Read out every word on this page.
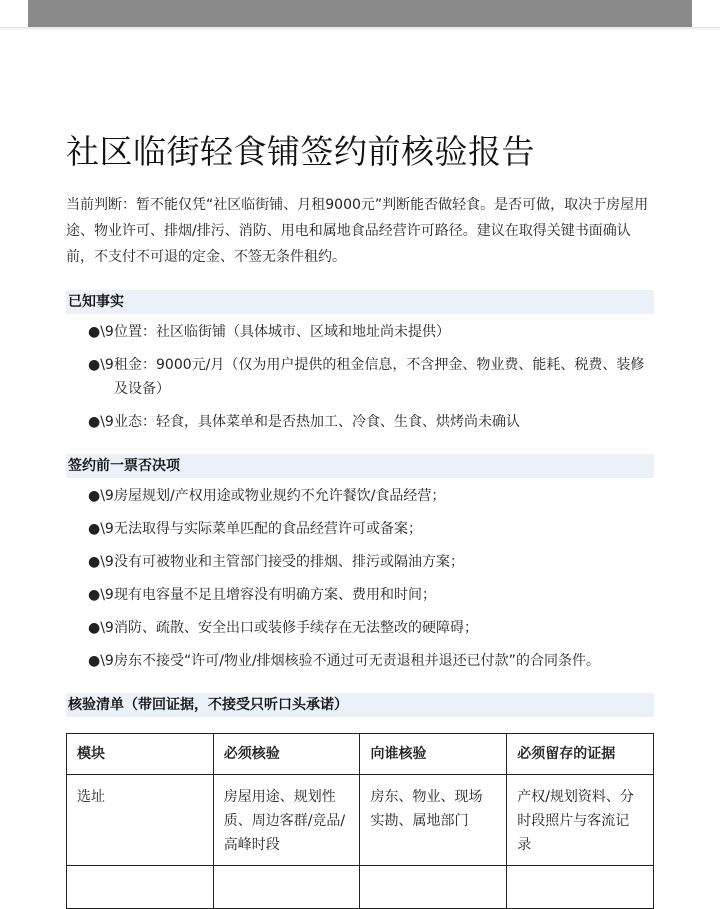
社区临街轻食铺签约前核验报告

当前判断：暂不能仅凭“社区临街铺、月租9000元”判断能否做轻食。是否可做，取决于房屋用途、物业许可、排烟/排污、消防、用电和属地食品经营许可路径。建议在取得关键书面确认前，不支付不可退的定金、不签无条件租约。

已知事实
●\9 位置：社区临街铺（具体城市、区域和地址尚未提供）
●\9 租金：9000元/月（仅为用户提供的租金信息，不含押金、物业费、能耗、税费、装修及设备）
●\9 业态：轻食，具体菜单和是否热加工、冷食、生食、烘烤尚未确认
签约前一票否决项
●\9 房屋规划/产权用途或物业规约不允许餐饮/食品经营；
●\9 无法取得与实际菜单匹配的食品经营许可或备案；
●\9 没有可被物业和主管部门接受的排烟、排污或隔油方案；
●\9 现有电容量不足且增容没有明确方案、费用和时间；
●\9 消防、疏散、安全出口或装修手续存在无法整改的硬障碍；
●\9 房东不接受“许可/物业/排烟核验不通过可无责退租并退还已付款”的合同条件。
核验清单（带回证据，不接受只听口头承诺）
模块	必须核验	向谁核验	必须留存的证据
选址	房屋用途、规划性质、周边客群/竞品/高峰时段	房东、物业、现场实勘、属地部门	产权/规划资料、分时段照片与客流记录
